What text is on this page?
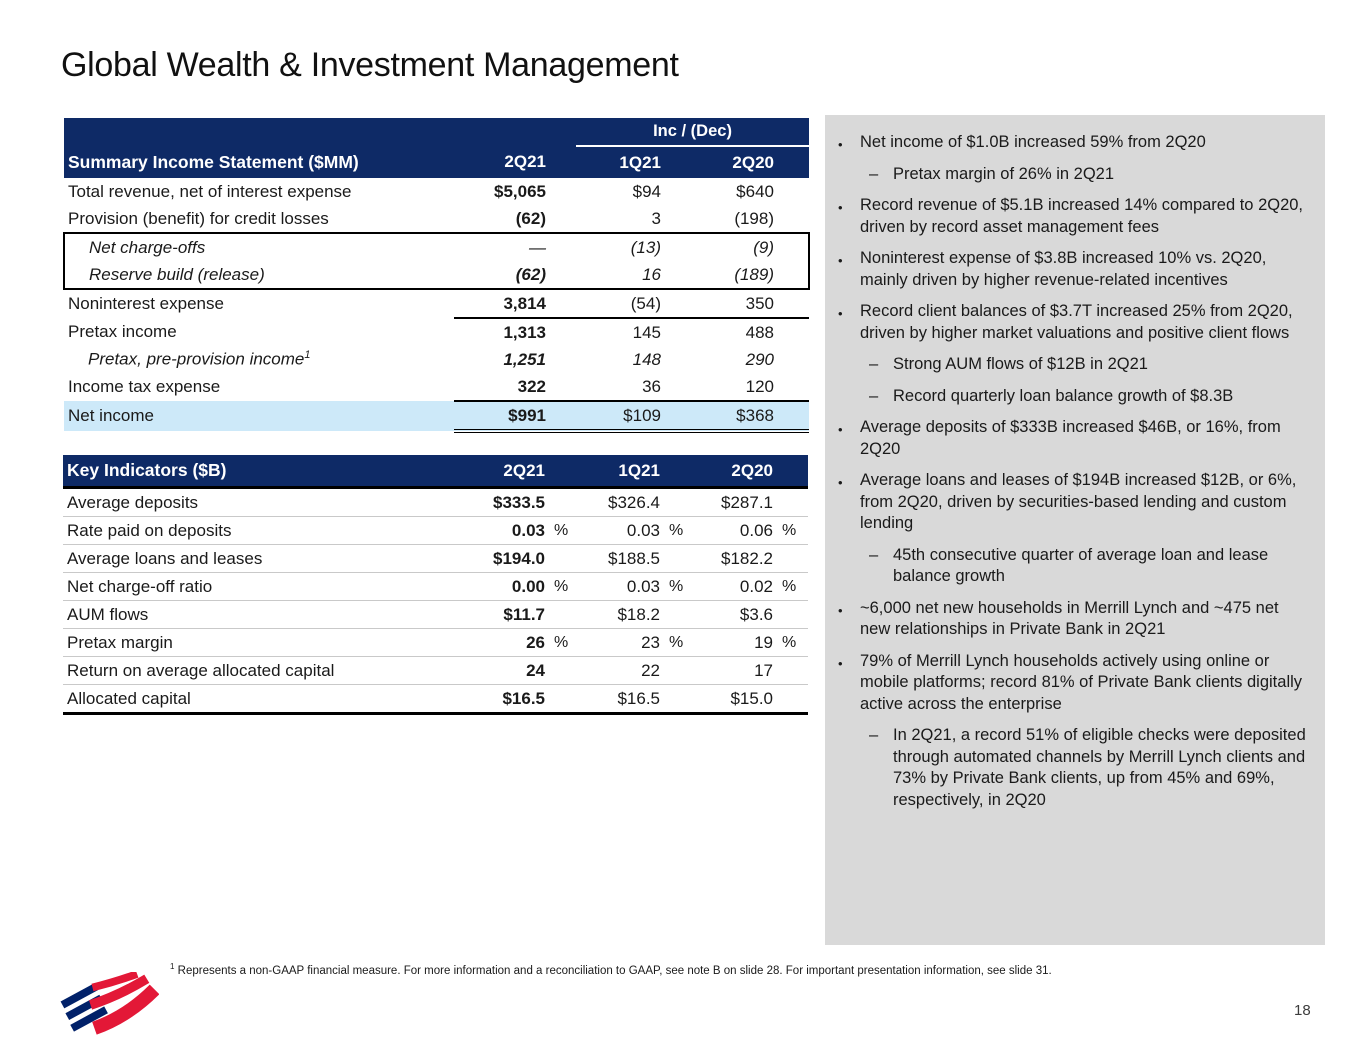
Global Wealth & Investment Management
			Inc / (Dec)			
Summary Income Statement ($MM)	2Q21		1Q21		2Q20	
Total revenue, net of interest expense	$5,065		$94		$640	
Provision (benefit) for credit losses	(62)		3		(198)	
Net charge-offs	—		(13)		(9)	
Reserve build (release)	(62)		16		(189)	
Noninterest expense	3,814		(54)		350	
Pretax income	1,313		145		488	
Pretax, pre-provision income$^1$	1,251		148		290	
Income tax expense	322		36		120	
Net income	$991		$109		$368	
Key Indicators ($B)	2Q21		1Q21		2Q20	
Average deposits	$333.5		$326.4		$287.1	
Rate paid on deposits	0.03	%	0.03	%	0.06	%
Average loans and leases	$194.0		$188.5		$182.2	
Net charge-off ratio	0.00	%	0.03	%	0.02	%
AUM flows	$11.7		$18.2		$3.6	
Pretax margin	26	%	23	%	19	%
Return on average allocated capital	24		22		17	
Allocated capital	$16.5		$16.5		$15.0	
• Net income of $1.0B increased 59% from 2Q20
– Pretax margin of 26% in 2Q21
• Record revenue of $5.1B increased 14% compared to 2Q20, driven by record asset management fees
• Noninterest expense of $3.8B increased 10% vs. 2Q20, mainly driven by higher revenue-related incentives
• Record client balances of $3.7T increased 25% from 2Q20, driven by higher market valuations and positive client flows
– Strong AUM flows of $12B in 2Q21
– Record quarterly loan balance growth of $8.3B
• Average deposits of $333B increased $46B, or 16%, from 2Q20
• Average loans and leases of $194B increased $12B, or 6%, from 2Q20, driven by securities-based lending and custom lending
– 45th consecutive quarter of average loan and lease balance growth
• ~6,000 net new households in Merrill Lynch and ~475 net new relationships in Private Bank in 2Q21
• 79% of Merrill Lynch households actively using online or mobile platforms; record 81% of Private Bank clients digitally active across the enterprise
– In 2Q21, a record 51% of eligible checks were deposited through automated channels by Merrill Lynch clients and 73% by Private Bank clients, up from 45% and 69%, respectively, in 2Q20
$^1$ Represents a non-GAAP financial measure. For more information and a reconciliation to GAAP, see note B on slide 28. For important presentation information, see slide 31.
18
